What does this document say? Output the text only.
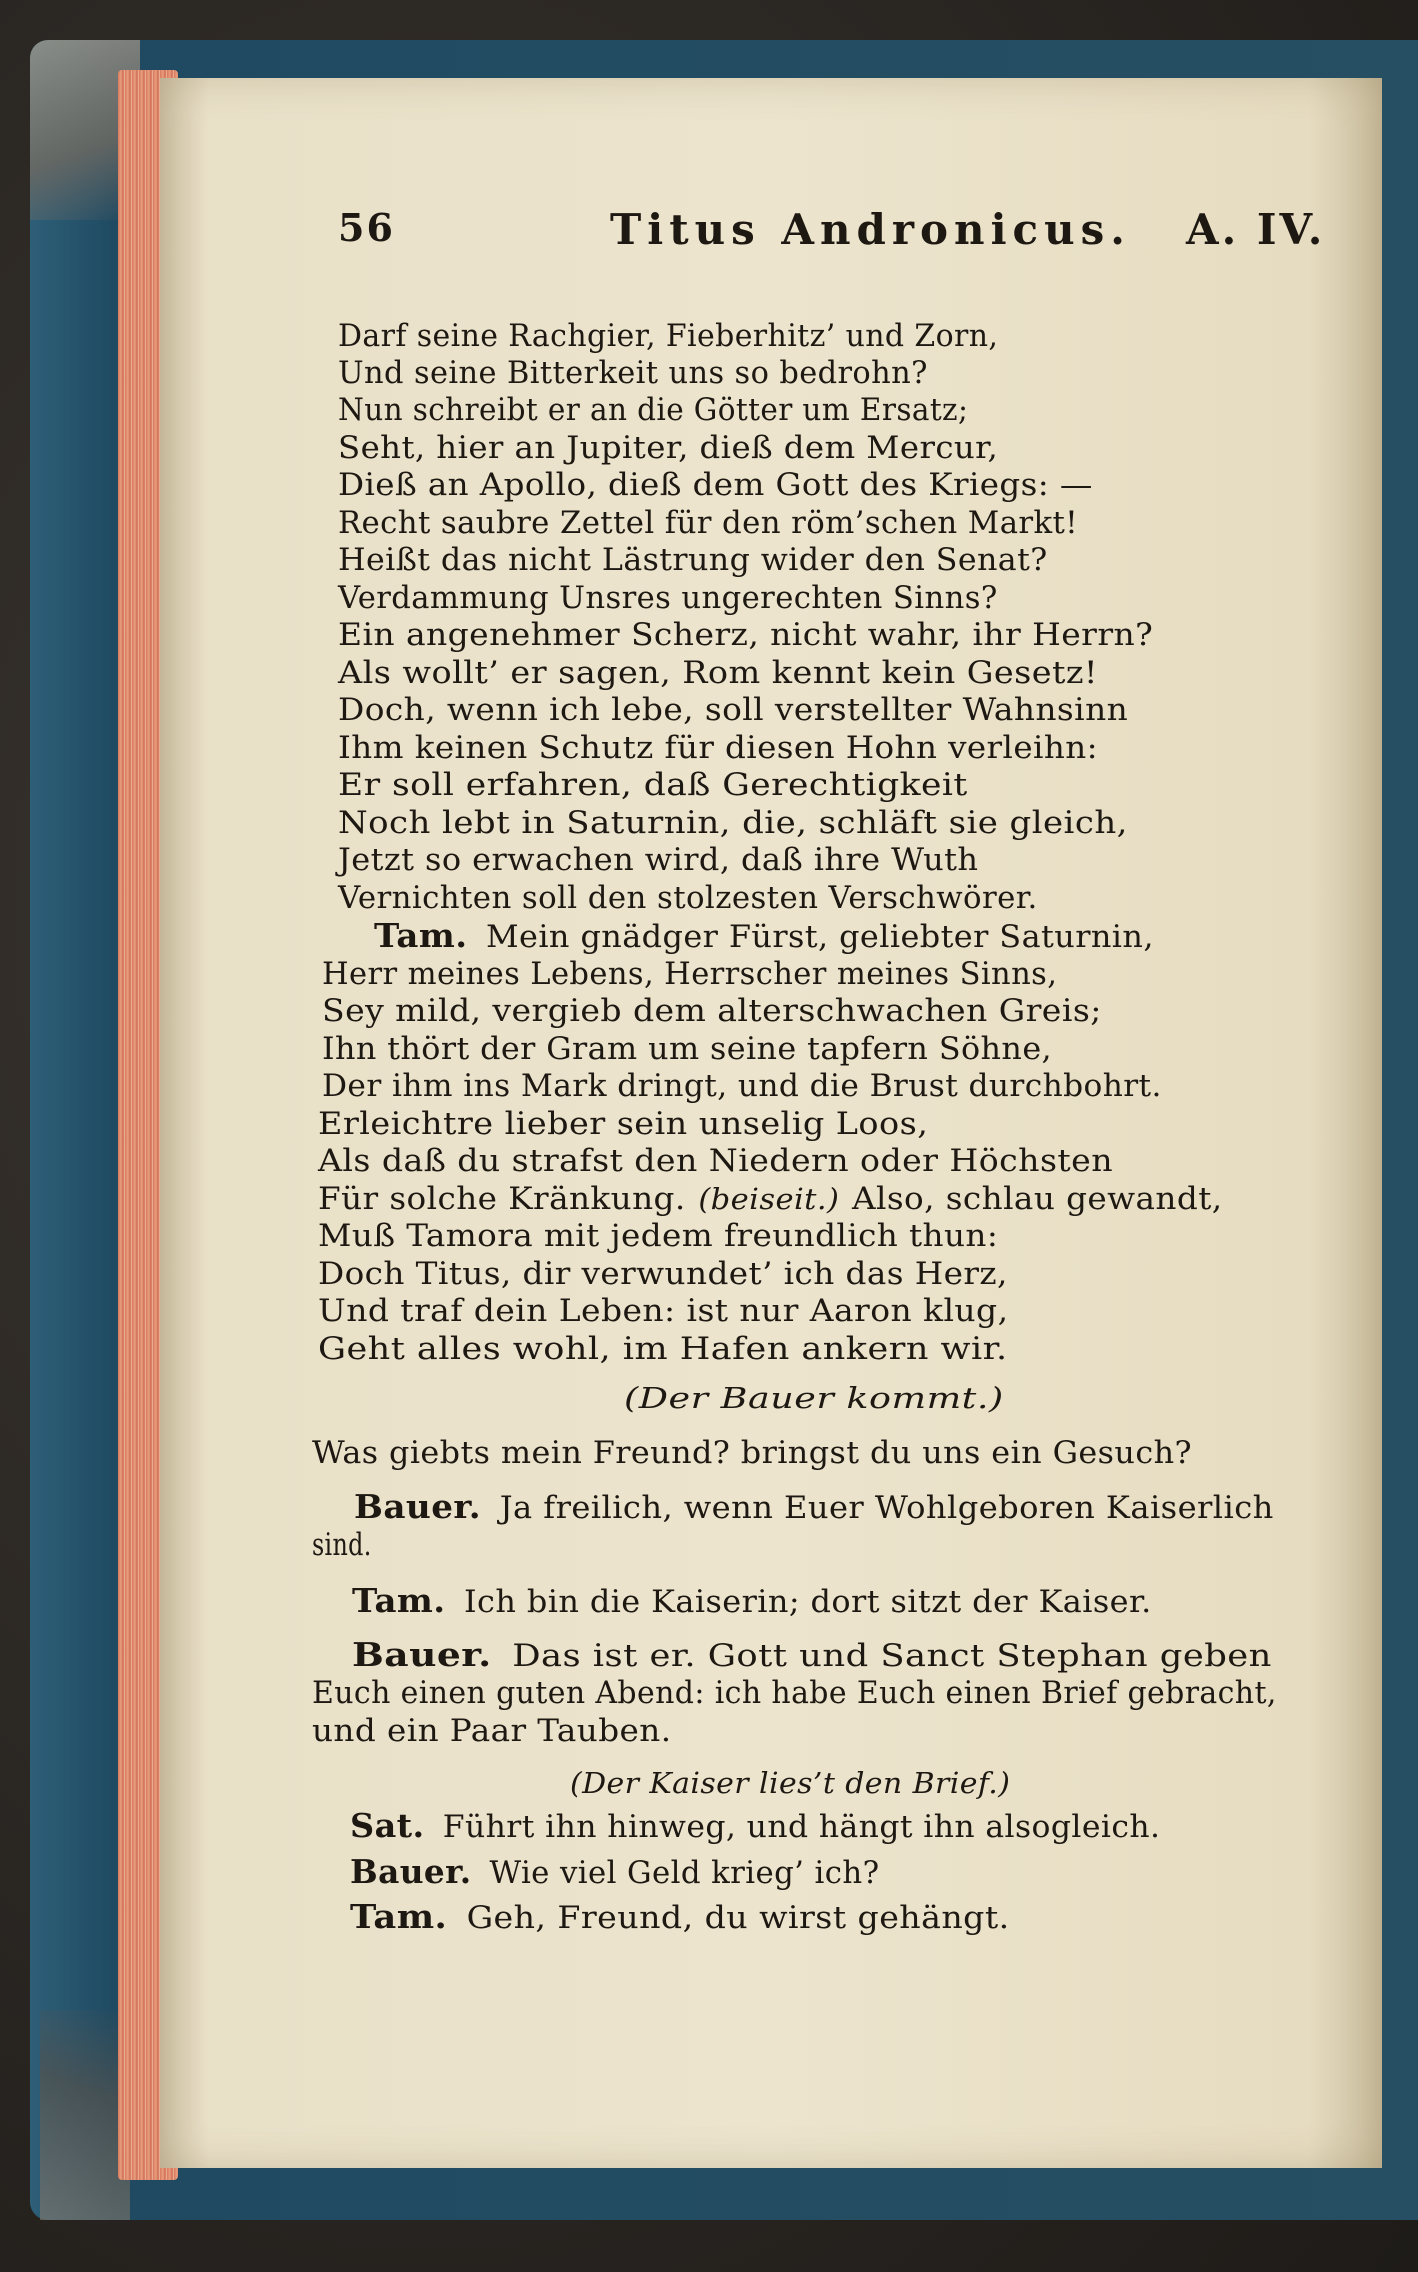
56	Titus Andronicus. A. IV.
Darf seine Rachgier, Fieberhitz’ und Zorn,
Und seine Bitterkeit uns so bedrohn?
Nun schreibt er an die Götter um Ersatz;
Seht, hier an Jupiter, dieß dem Mercur,
Dieß an Apollo, dieß dem Gott des Kriegs: —
Recht saubre Zettel für den röm’schen Markt!
Heißt das nicht Lästrung wider den Senat?
Verdammung Unsres ungerechten Sinns?
Ein angenehmer Scherz, nicht wahr, ihr Herrn?
Als wollt’ er sagen, Rom kennt kein Gesetz!
Doch, wenn ich lebe, soll verstellter Wahnsinn
Ihm keinen Schutz für diesen Hohn verleihn:
Er soll erfahren, daß Gerechtigkeit
Noch lebt in Saturnin, die, schläft sie gleich,
Jetzt so erwachen wird, daß ihre Wuth
Vernichten soll den stolzesten Verschwörer.
Tam. Mein gnädger Fürst, geliebter Saturnin,
Herr meines Lebens, Herrscher meines Sinns,
Sey mild, vergieb dem alterschwachen Greis;
Ihn thört der Gram um seine tapfern Söhne,
Der ihm ins Mark dringt, und die Brust durchbohrt.
Erleichtre lieber sein unselig Loos,
Als daß du strafst den Niedern oder Höchsten
Für solche Kränkung. (beiseit.) Also, schlau gewandt,
Muß Tamora mit jedem freundlich thun:
Doch Titus, dir verwundet’ ich das Herz,
Und traf dein Leben: ist nur Aaron klug,
Geht alles wohl, im Hafen ankern wir.
(Der Bauer kommt.)
Was giebts mein Freund? bringst du uns ein Gesuch?
Bauer. Ja freilich, wenn Euer Wohlgeboren Kaiserlich
sind.
Tam. Ich bin die Kaiserin; dort sitzt der Kaiser.
Bauer. Das ist er. Gott und Sanct Stephan geben
Euch einen guten Abend: ich habe Euch einen Brief gebracht,
und ein Paar Tauben.
(Der Kaiser lies’t den Brief.)
Sat. Führt ihn hinweg, und hängt ihn alsogleich.
Bauer. Wie viel Geld krieg’ ich?
Tam. Geh, Freund, du wirst gehängt.
